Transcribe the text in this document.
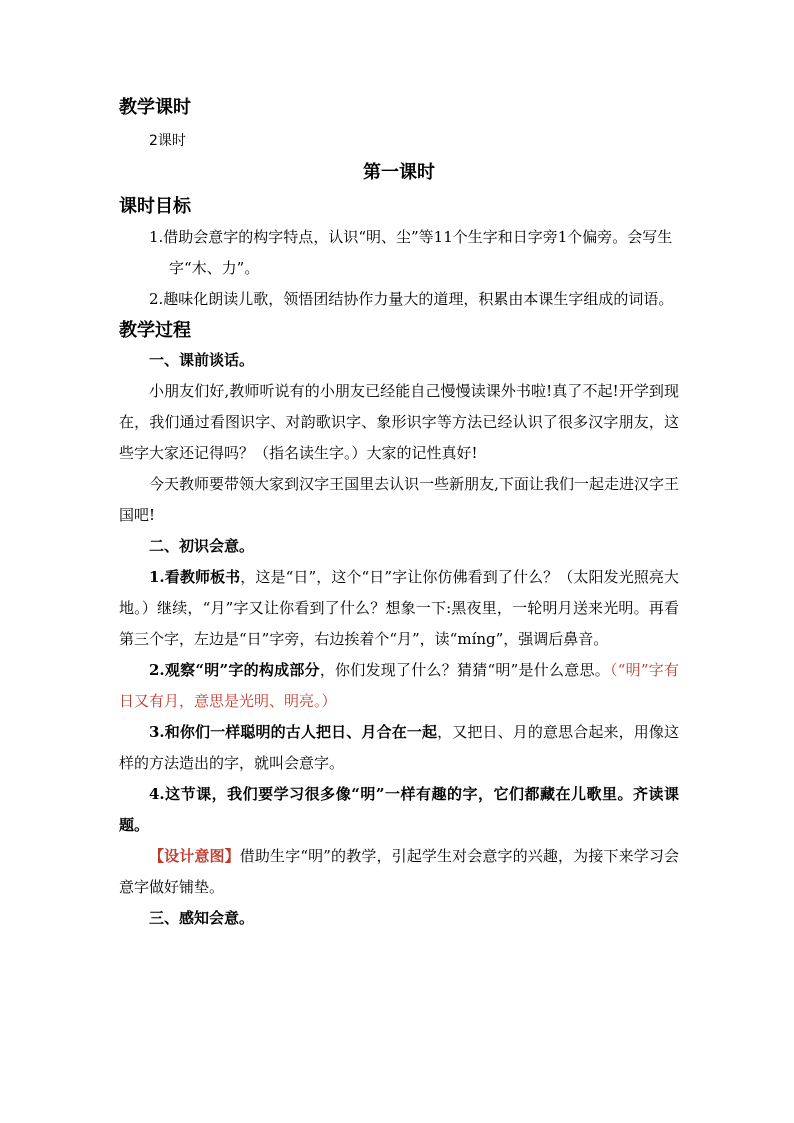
教学课时

2课时

第一课时

课时目标

1.借助会意字的构字特点，认识“明、尘”等11个生字和日字旁1个偏旁。会写生字“木、力”。

2.趣味化朗读儿歌，领悟团结协作力量大的道理，积累由本课生字组成的词语。

教学过程

一、课前谈话。

小朋友们好,教师听说有的小朋友已经能自己慢慢读课外书啦!真了不起!开学到现在，我们通过看图识字、对韵歌识字、象形识字等方法已经认识了很多汉字朋友，这些字大家还记得吗？（指名读生字。）大家的记性真好!

今天教师要带领大家到汉字王国里去认识一些新朋友,下面让我们一起走进汉字王国吧!

二、初识会意。

1.看教师板书，这是“日”，这个“日”字让你仿佛看到了什么？（太阳发光照亮大地。）继续，“月”字又让你看到了什么？想象一下:黑夜里，一轮明月送来光明。再看第三个字，左边是“日”字旁，右边挨着个“月”，读“míng”，强调后鼻音。

2.观察“明”字的构成部分，你们发现了什么？猜猜“明”是什么意思。（“明”字有日又有月，意思是光明、明亮。）

3.和你们一样聪明的古人把日、月合在一起，又把日、月的意思合起来，用像这样的方法造出的字，就叫会意字。

4.这节课，我们要学习很多像“明”一样有趣的字，它们都藏在儿歌里。齐读课题。

【设计意图】借助生字“明”的教学，引起学生对会意字的兴趣，为接下来学习会意字做好铺垫。

三、感知会意。
